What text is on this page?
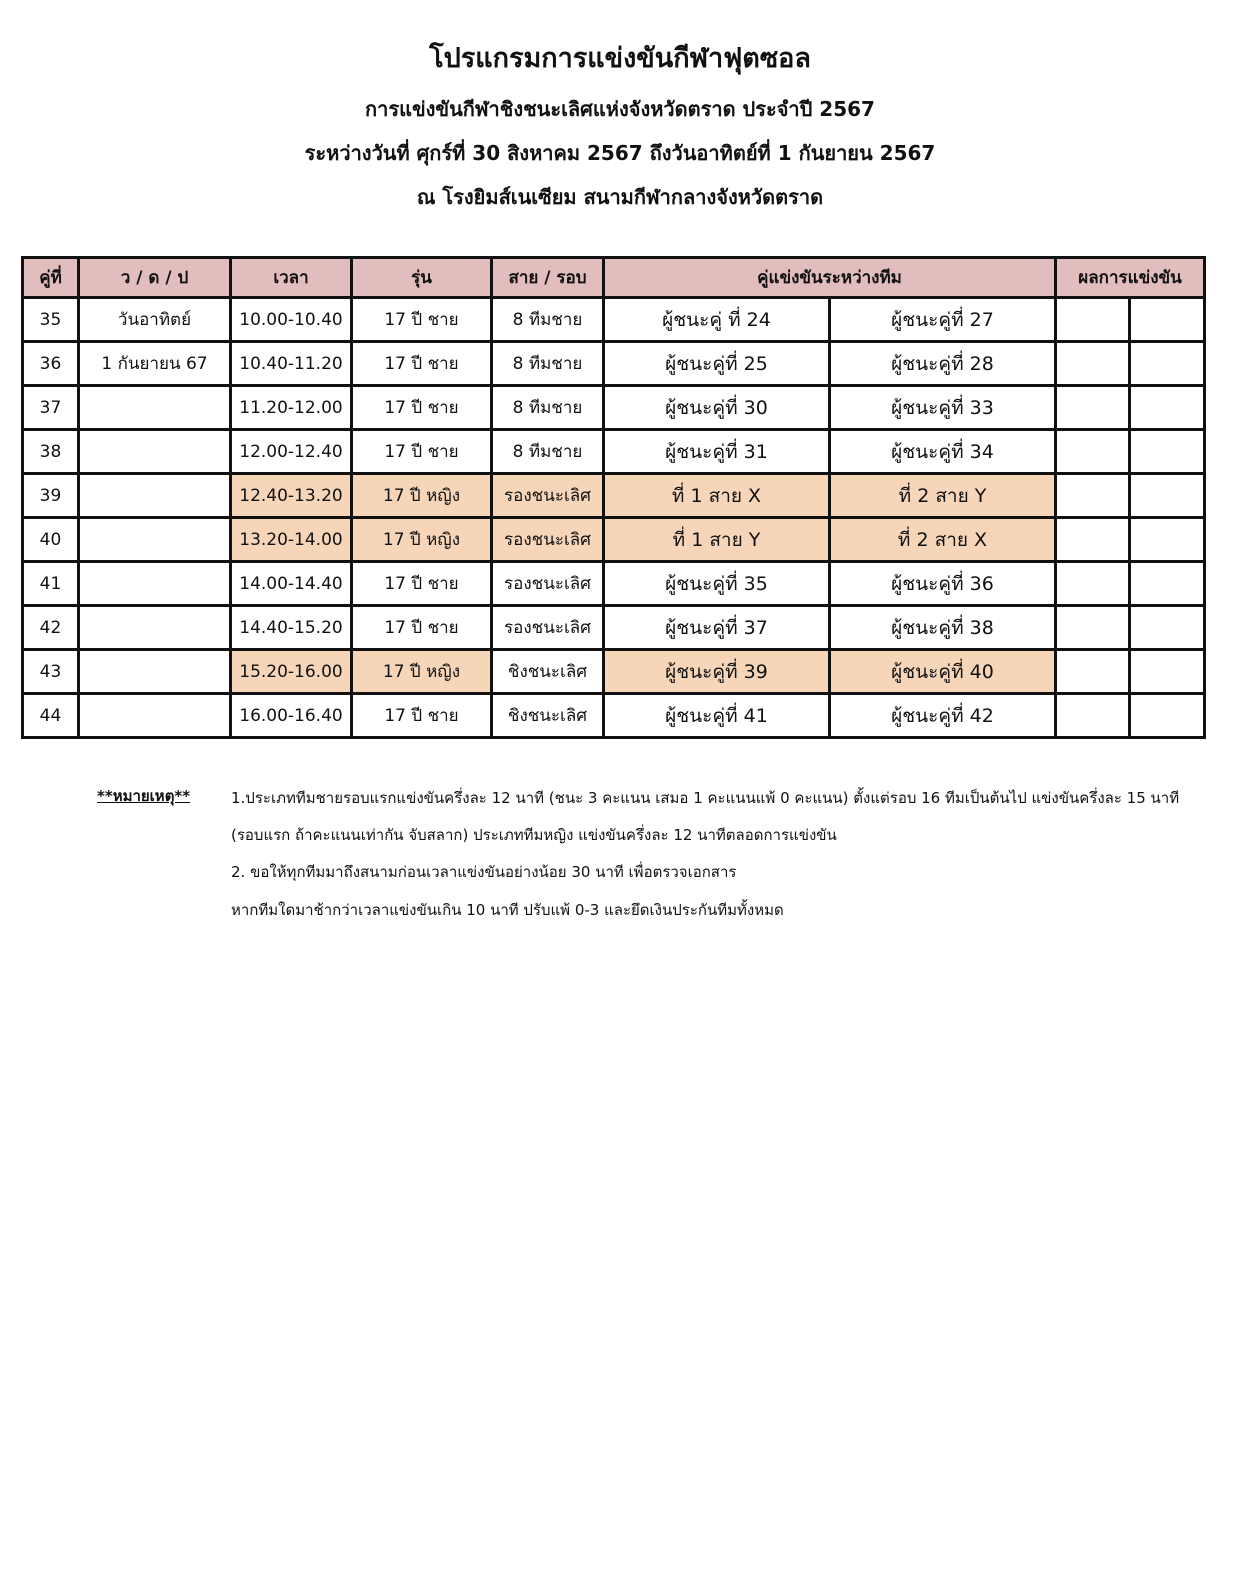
โปรแกรมการแข่งขันกีฬาฟุตซอล
การแข่งขันกีฬาชิงชนะเลิศแห่งจังหวัดตราด ประจำปี 2567
ระหว่างวันที่ ศุกร์ที่ 30 สิงหาคม 2567 ถึงวันอาทิตย์ที่ 1 กันยายน 2567
ณ โรงยิมส์เนเซียม สนามกีฬากลางจังหวัดตราด
คู่ที่	ว / ด / ป	เวลา	รุ่น	สาย / รอบ	คู่แข่งขันระหว่างทีม		ผลการแข่งขัน	
35	วันอาทิตย์	10.00-10.40	17 ปี ชาย	8 ทีมชาย	ผู้ชนะคู่ ที่ 24	ผู้ชนะคู่ที่ 27		
36	1 กันยายน 67	10.40-11.20	17 ปี ชาย	8 ทีมชาย	ผู้ชนะคู่ที่ 25	ผู้ชนะคู่ที่ 28		
37		11.20-12.00	17 ปี ชาย	8 ทีมชาย	ผู้ชนะคู่ที่ 30	ผู้ชนะคู่ที่ 33		
38		12.00-12.40	17 ปี ชาย	8 ทีมชาย	ผู้ชนะคู่ที่ 31	ผู้ชนะคู่ที่ 34		
39		12.40-13.20	17 ปี หญิง	รองชนะเลิศ	ที่ 1 สาย X	ที่ 2 สาย Y		
40		13.20-14.00	17 ปี หญิง	รองชนะเลิศ	ที่ 1 สาย Y	ที่ 2 สาย X		
41		14.00-14.40	17 ปี ชาย	รองชนะเลิศ	ผู้ชนะคู่ที่ 35	ผู้ชนะคู่ที่ 36		
42		14.40-15.20	17 ปี ชาย	รองชนะเลิศ	ผู้ชนะคู่ที่ 37	ผู้ชนะคู่ที่ 38		
43		15.20-16.00	17 ปี หญิง	ชิงชนะเลิศ	ผู้ชนะคู่ที่ 39	ผู้ชนะคู่ที่ 40		
44		16.00-16.40	17 ปี ชาย	ชิงชนะเลิศ	ผู้ชนะคู่ที่ 41	ผู้ชนะคู่ที่ 42		
**หมายเหตุ**	1.ประเภททีมชายรอบแรกแข่งขันครึ่งละ 12 นาที (ชนะ 3 คะแนน เสมอ 1 คะแนนแพ้ 0 คะแนน) ตั้งแต่รอบ 16 ทีมเป็นต้นไป แข่งขันครึ่งละ 15 นาที
(รอบแรก ถ้าคะแนนเท่ากัน จับสลาก) ประเภททีมหญิง แข่งขันครึ่งละ 12 นาทีตลอดการแข่งขัน
2. ขอให้ทุกทีมมาถึงสนามก่อนเวลาแข่งขันอย่างน้อย 30 นาที เพื่อตรวจเอกสาร
หากทีมใดมาช้ากว่าเวลาแข่งขันเกิน 10 นาที ปรับแพ้ 0-3 และยึดเงินประกันทีมทั้งหมด
